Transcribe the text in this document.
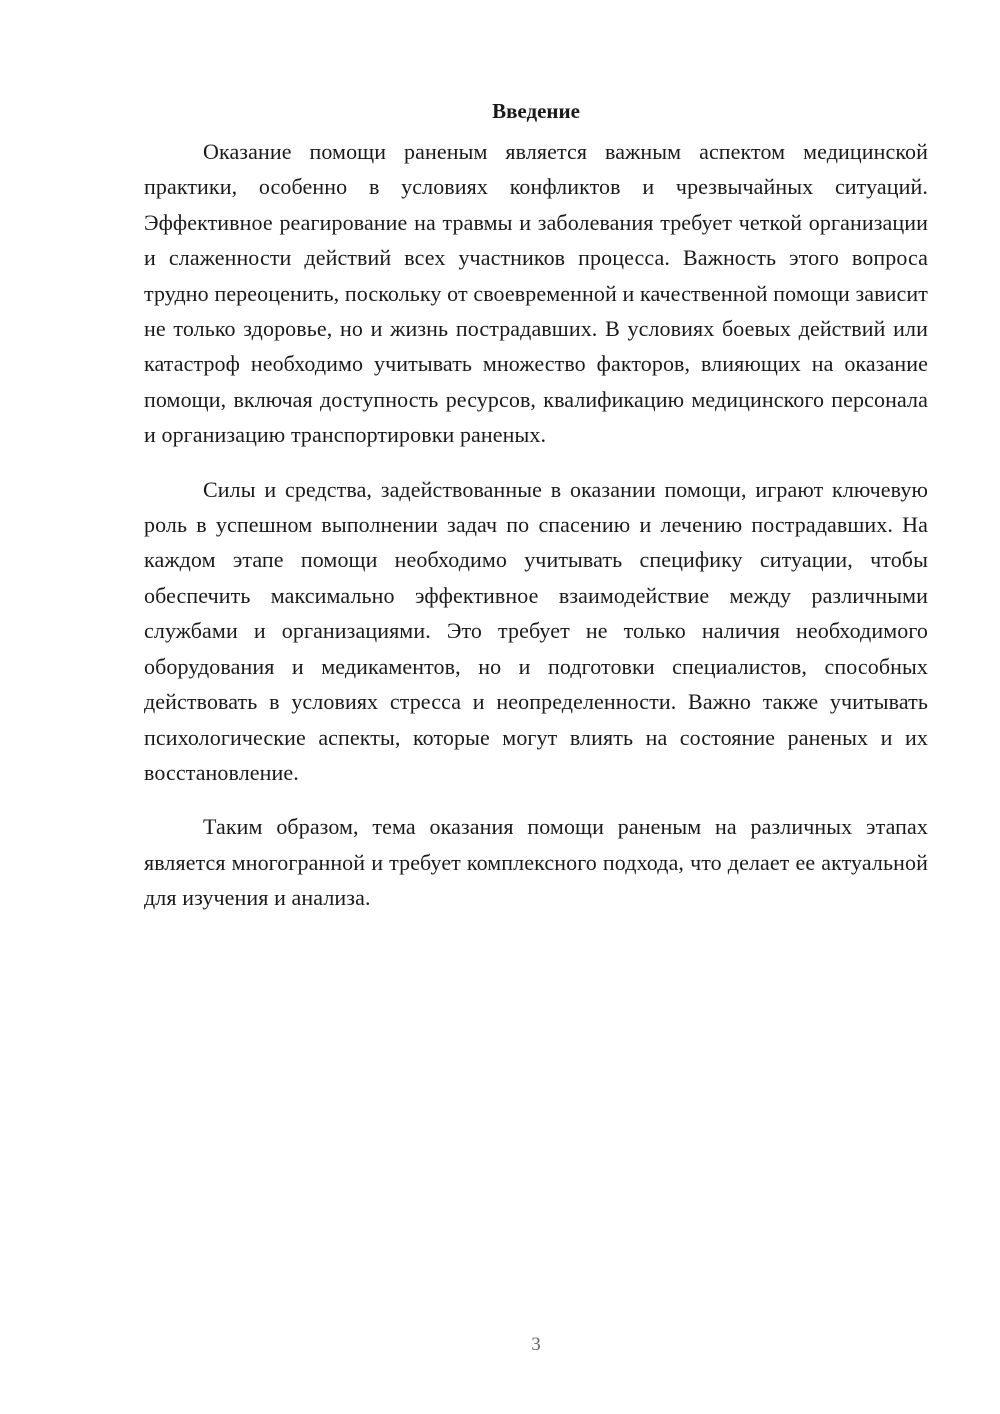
Введение

Оказание помощи раненым является важным аспектом медицинской практики, особенно в условиях конфликтов и чрезвычайных ситуаций. Эффективное реагирование на травмы и заболевания требует четкой организации и слаженности действий всех участников процесса. Важность этого вопроса трудно переоценить, поскольку от своевременной и качественной помощи зависит не только здоровье, но и жизнь пострадавших. В условиях боевых действий или катастроф необходимо учитывать множество факторов, влияющих на оказание помощи, включая доступность ресурсов, квалификацию медицинского персонала и организацию транспортировки раненых.

Силы и средства, задействованные в оказании помощи, играют ключевую роль в успешном выполнении задач по спасению и лечению пострадавших. На каждом этапе помощи необходимо учитывать специфику ситуации, чтобы обеспечить максимально эффективное взаимодействие между различными службами и организациями. Это требует не только наличия необходимого оборудования и медикаментов, но и подготовки специалистов, способных действовать в условиях стресса и неопределенности. Важно также учитывать психологические аспекты, которые могут влиять на состояние раненых и их восстановление.

Таким образом, тема оказания помощи раненым на различных этапах является многогранной и требует комплексного подхода, что делает ее актуальной для изучения и анализа.

3
